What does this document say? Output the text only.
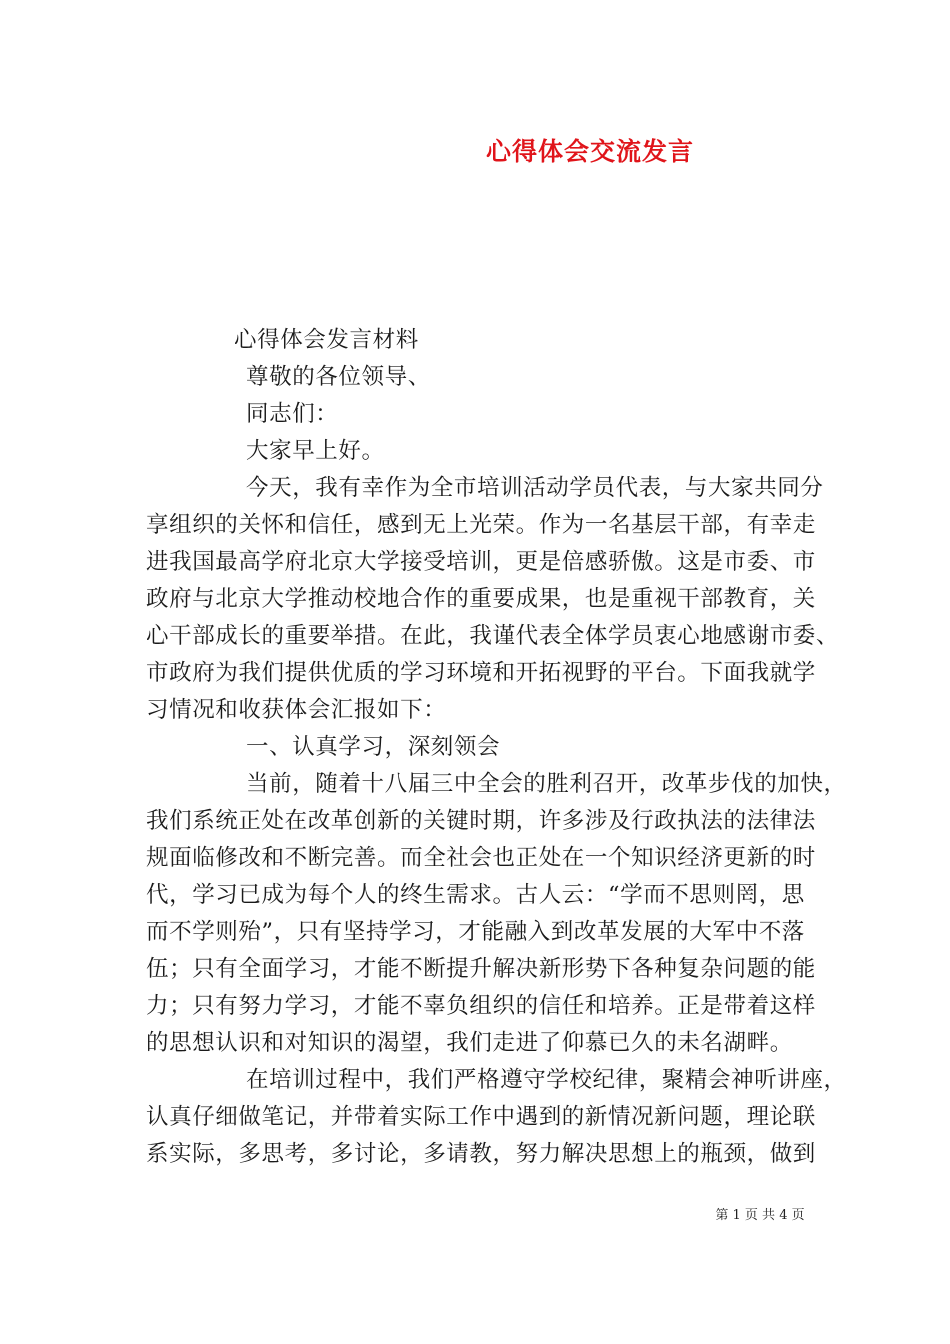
心得体会交流发言
心得体会发言材料
尊敬的各位领导、
同志们：
大家早上好。
今天，我有幸作为全市培训活动学员代表，与大家共同分
享组织的关怀和信任，感到无上光荣。作为一名基层干部，有幸走
进我国最高学府北京大学接受培训，更是倍感骄傲。这是市委、市
政府与北京大学推动校地合作的重要成果，也是重视干部教育，关
心干部成长的重要举措。在此，我谨代表全体学员衷心地感谢市委、
市政府为我们提供优质的学习环境和开拓视野的平台。下面我就学
习情况和收获体会汇报如下：
一、认真学习，深刻领会
当前，随着十八届三中全会的胜利召开，改革步伐的加快，
我们系统正处在改革创新的关键时期，许多涉及行政执法的法律法
规面临修改和不断完善。而全社会也正处在一个知识经济更新的时
代，学习已成为每个人的终生需求。古人云：“学而不思则罔，思
而不学则殆”，只有坚持学习，才能融入到改革发展的大军中不落
伍；只有全面学习，才能不断提升解决新形势下各种复杂问题的能
力；只有努力学习，才能不辜负组织的信任和培养。正是带着这样
的思想认识和对知识的渴望，我们走进了仰慕已久的未名湖畔。
在培训过程中，我们严格遵守学校纪律，聚精会神听讲座，
认真仔细做笔记，并带着实际工作中遇到的新情况新问题，理论联
系实际，多思考，多讨论，多请教，努力解决思想上的瓶颈，做到
第 1 页 共 4 页
